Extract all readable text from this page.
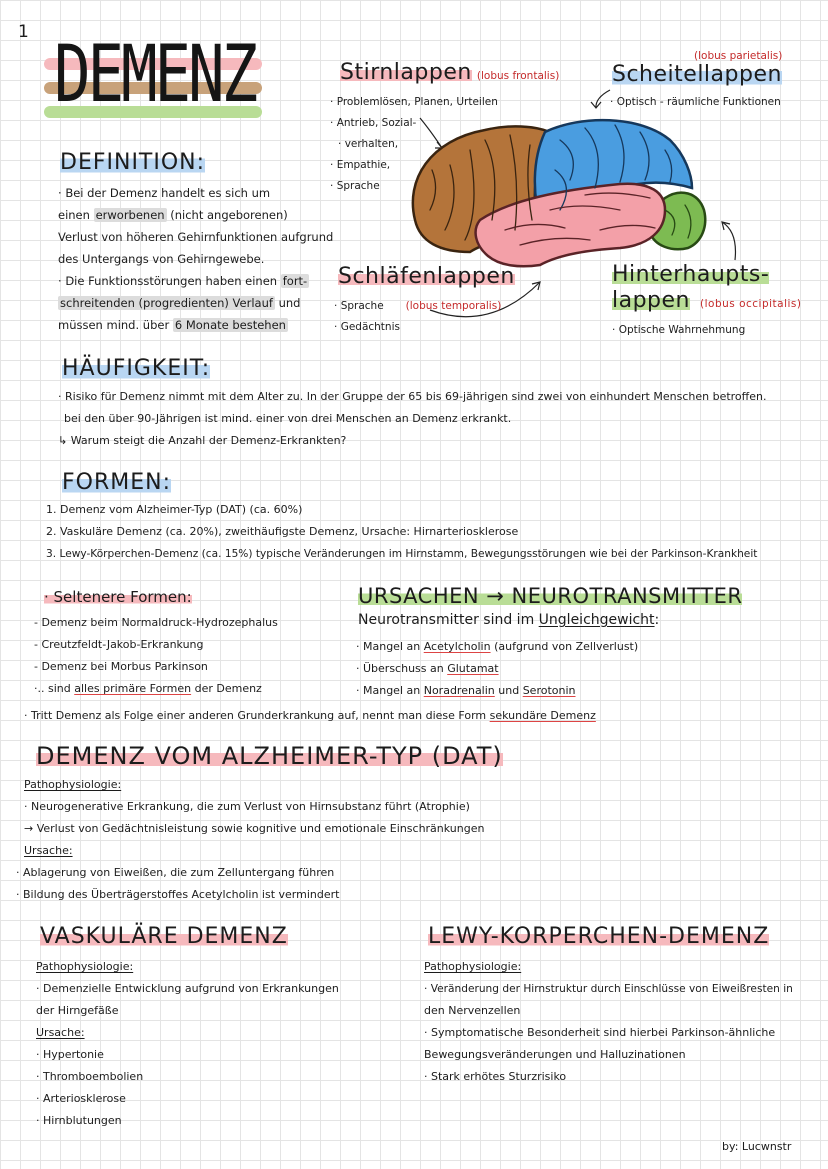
1 DEMENZ
DEFINITION:
· Bei der Demenz handelt es sich um
einen erworbenen (nicht angeborenen)
Verlust von höheren Gehirnfunktionen aufgrund
des Untergangs von Gehirngewebe.
· Die Funktionsstörungen haben einen fort-
schreitenden (progredienten) Verlauf und
müssen mind. über 6 Monate bestehen
Stirnlappen (lobus frontalis)
· Problemlösen, Planen, Urteilen
· Antrieb, Sozial-
· verhalten,
· Empathie,
· Sprache
(lobus parietalis)
Scheitellappen
· Optisch - räumliche Funktionen
Schläfenlappen
· Sprache (lobus temporalis)
· Gedächtnis
Hinterhaupts-
lappen (lobus occipitalis)
· Optische Wahrnehmung
HÄUFIGKEIT:
· Risiko für Demenz nimmt mit dem Alter zu. In der Gruppe der 65 bis 69-jährigen sind zwei von einhundert Menschen betroffen.
bei den über 90-Jährigen ist mind. einer von drei Menschen an Demenz erkrankt.
↳ Warum steigt die Anzahl der Demenz-Erkrankten?
FORMEN:
1. Demenz vom Alzheimer-Typ (DAT) (ca. 60%)
2. Vaskuläre Demenz (ca. 20%), zweithäufigste Demenz, Ursache: Hirnarteriosklerose
3. Lewy-Körperchen-Demenz (ca. 15%) typische Veränderungen im Hirnstamm, Bewegungsstörungen wie bei der Parkinson-Krankheit
· Seltenere Formen:
- Demenz beim Normaldruck-Hydrozephalus
- Creutzfeldt-Jakob-Erkrankung
- Demenz bei Morbus Parkinson
·.. sind alles primäre Formen der Demenz
URSACHEN → NEUROTRANSMITTER
Neurotransmitter sind im Ungleichgewicht:
· Mangel an Acetylcholin (aufgrund von Zellverlust)
· Überschuss an Glutamat
· Mangel an Noradrenalin und Serotonin
· Tritt Demenz als Folge einer anderen Grunderkrankung auf, nennt man diese Form sekundäre Demenz
DEMENZ VOM ALZHEIMER-TYP (DAT)
Pathophysiologie:
· Neurogenerative Erkrankung, die zum Verlust von Hirnsubstanz führt (Atrophie)
→ Verlust von Gedächtnisleistung sowie kognitive und emotionale Einschränkungen
Ursache:
· Ablagerung von Eiweißen, die zum Zelluntergang führen
· Bildung des Überträgerstoffes Acetylcholin ist vermindert
VASKULÄRE DEMENZ
Pathophysiologie:
· Demenzielle Entwicklung aufgrund von Erkrankungen
der Hirngefäße
Ursache:
· Hypertonie
· Thromboembolien
· Arteriosklerose
· Hirnblutungen
LEWY-KORPERCHEN-DEMENZ
Pathophysiologie:
· Veränderung der Hirnstruktur durch Einschlüsse von Eiweißresten in
den Nervenzellen
· Symptomatische Besonderheit sind hierbei Parkinson-ähnliche
Bewegungsveränderungen und Halluzinationen
· Stark erhötes Sturzrisiko
by: Lucwnstr
